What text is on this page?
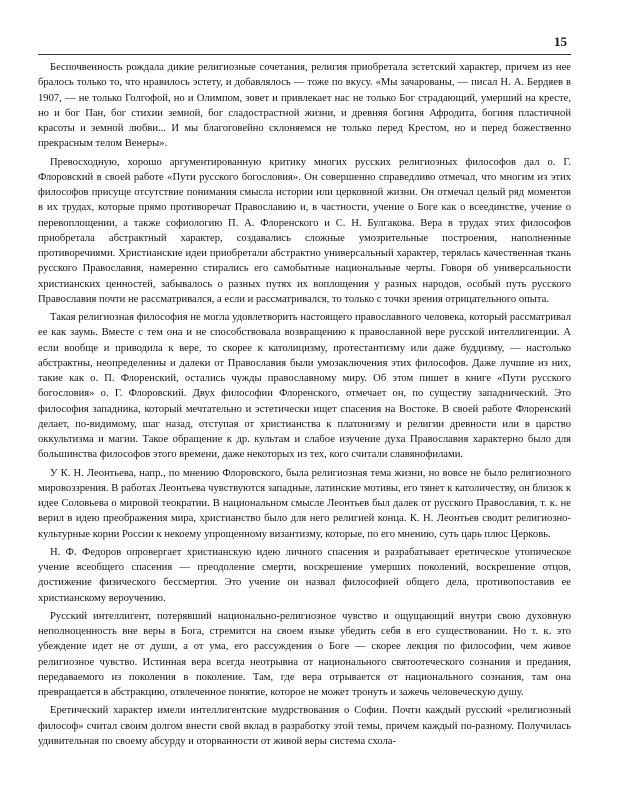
15

Беспочвенность рождала дикие религиозные сочетания, религия приобретала эстетский характер, причем из нее бралось только то, что нравилось эстету, и добавлялось — тоже по вкусу. «Мы зачарованы, — писал Н. А. Бердяев в 1907, — не только Голгофой, но и Олимпом, зовет и привлекает нас не только Бог страдающий, умерший на кресте, но и бог Пан, бог стихии земной, бог сладострастной жизни, и древняя богиня Афродита, богиня пластичной красоты и земной любви... И мы благоговейно склоняемся не только перед Крестом, но и перед божественно прекрасным телом Венеры».

Превосходную, хорошо аргументированную критику многих русских религиозных философов дал о. Г. Флоровский в своей работе «Пути русского богословия». Он совершенно справедливо отмечал, что многим из этих философов присуще отсутствие понимания смысла истории или церковной жизни. Он отмечал целый ряд моментов в их трудах, которые прямо противоречат Православию и, в частности, учение о Боге как о всеединстве, учение о перевоплощении, а также софиологию П. А. Флоренского и С. Н. Булгакова. Вера в трудах этих философов приобретала абстрактный характер, создавались сложные умозрительные построения, наполненные противоречиями. Христианские идеи приобретали абстрактно универсальный характер, терялась качественная ткань русского Православия, намеренно стирались его самобытные национальные черты. Говоря об универсальности христианских ценностей, забывалось о разных путях их воплощения у разных народов, особый путь русского Православия почти не рассматривался, а если и рассматривался, то только с точки зрения отрицательного опыта.

Такая религиозная философия не могла удовлетворить настоящего православного человека, который рассматривал ее как заумь. Вместе с тем она и не способствовала возвращению к православной вере русской интеллигенции. А если вообще и приводила к вере, то скорее к католицизму, протестантизму или даже буддизму, — настолько абстрактны, неопределенны и далеки от Православия были умозаключения этих философов. Даже лучшие из них, такие как о. П. Флоренский, остались чужды православному миру. Об этом пишет в книге «Пути русского богословия» о. Г. Флоровский. Двух философии Флоренского, отмечает он, по существу западнический. Это философия западника, который мечтательно и эстетически ищет спасения на Востоке. В своей работе Флоренский делает, по-видимому, шаг назад, отступая от христианства к платонизму и религии древности или в царство оккультизма и магии. Такое обращение к др. культам и слабое изучение духа Православия характерно было для большинства философов этого времени, даже некоторых из тех, кого считали славянофилами.

У К. Н. Леонтьева, напр., по мнению Флоровского, была религиозная тема жизни, но вовсе не было религиозного мировоззрения. В работах Леонтьева чувствуются западные, латинские мотивы, его тянет к католичеству, он близок к идее Соловьева о мировой теократии. В национальном смысле Леонтьев был далек от русского Православия, т. к. не верил в идею преображения мира, христианство было для него религией конца. К. Н. Леонтьев сводит религиозно-культурные корни России к некоему упрощенному византизму, которые, по его мнению, суть царь плюс Церковь.

Н. Ф. Федоров опровергает христианскую идею личного спасения и разрабатывает еретическое утопическое учение всеобщего спасения — преодоление смерти, воскрешение умерших поколений, воскрешение отцов, достижение физического бессмертия. Это учение он назвал философией общего дела, противопоставив ее христианскому вероучению.

Русский интеллигент, потерявший национально-религиозное чувство и ощущающий внутри свою духовную неполноценность вне веры в Бога, стремится на своем языке убедить себя в его существовании. Но т. к. это убеждение идет не от души, а от ума, его рассуждения о Боге — скорее лекция по философии, чем живое религиозное чувство. Истинная вера всегда неотрывна от национального святоотеческого сознания и предания, передаваемого из поколения в поколение. Там, где вера отрывается от национального сознания, там она превращается в абстракцию, отвлеченное понятие, которое не может тронуть и зажечь человеческую душу.

Еретический характер имели интеллигентские мудрствования о Софии. Почти каждый русский «религиозный философ» считал своим долгом внести свой вклад в разработку этой темы, причем каждый по-разному. Получилась удивительная по своему абсурду и оторванности от живой веры система схола-
